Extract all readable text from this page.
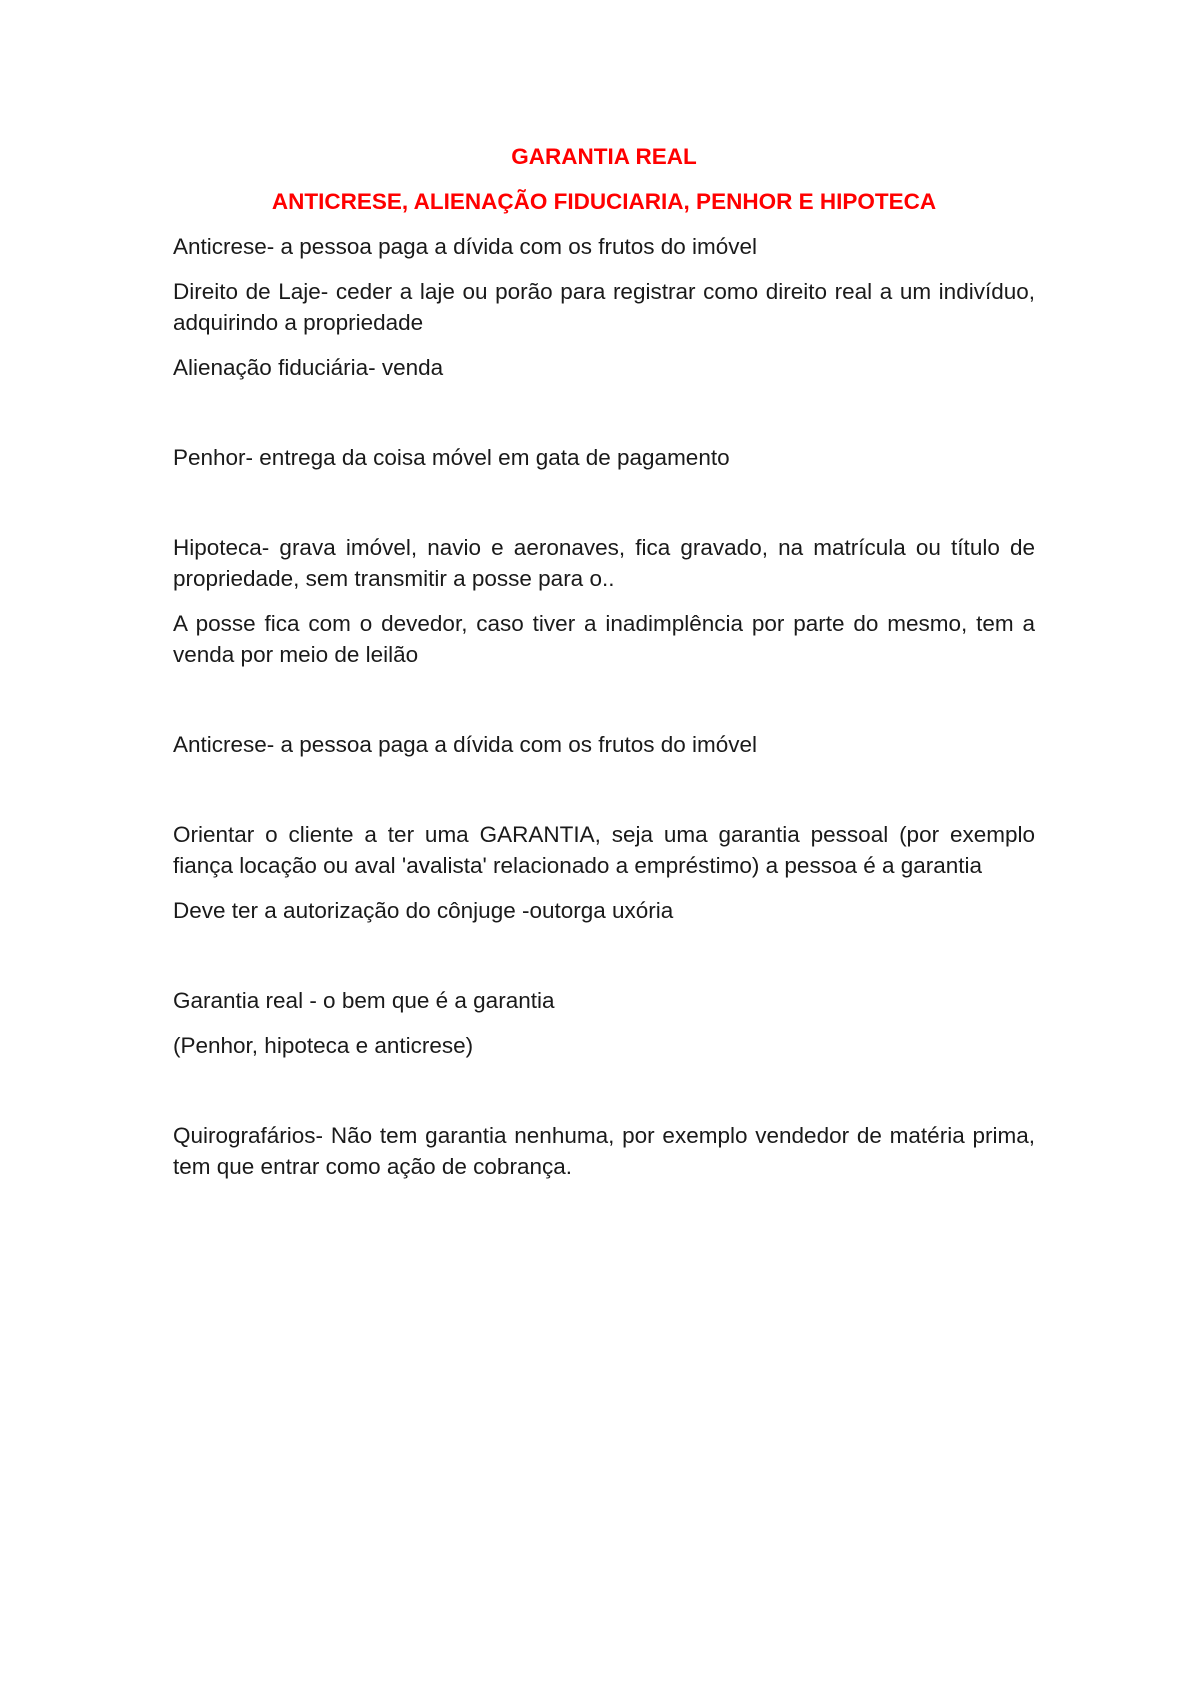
GARANTIA REAL

ANTICRESE, ALIENAÇÃO FIDUCIARIA, PENHOR E HIPOTECA

Anticrese- a pessoa paga a dívida com os frutos do imóvel

Direito de Laje- ceder a laje ou porão para registrar como direito real a um indivíduo, adquirindo a propriedade

Alienação fiduciária- venda

Penhor- entrega da coisa móvel em gata de pagamento

Hipoteca- grava imóvel, navio e aeronaves, fica gravado, na matrícula ou título de propriedade, sem transmitir a posse para o..

A posse fica com o devedor, caso tiver a inadimplência por parte do mesmo, tem a venda por meio de leilão

Anticrese- a pessoa paga a dívida com os frutos do imóvel

Orientar o cliente a ter uma GARANTIA, seja uma garantia pessoal (por exemplo fiança locação ou aval 'avalista' relacionado a empréstimo) a pessoa é a garantia

Deve ter a autorização do cônjuge -outorga uxória

Garantia real - o bem que é a garantia

(Penhor, hipoteca e anticrese)

Quirografários- Não tem garantia nenhuma, por exemplo vendedor de matéria prima, tem que entrar como ação de cobrança.
